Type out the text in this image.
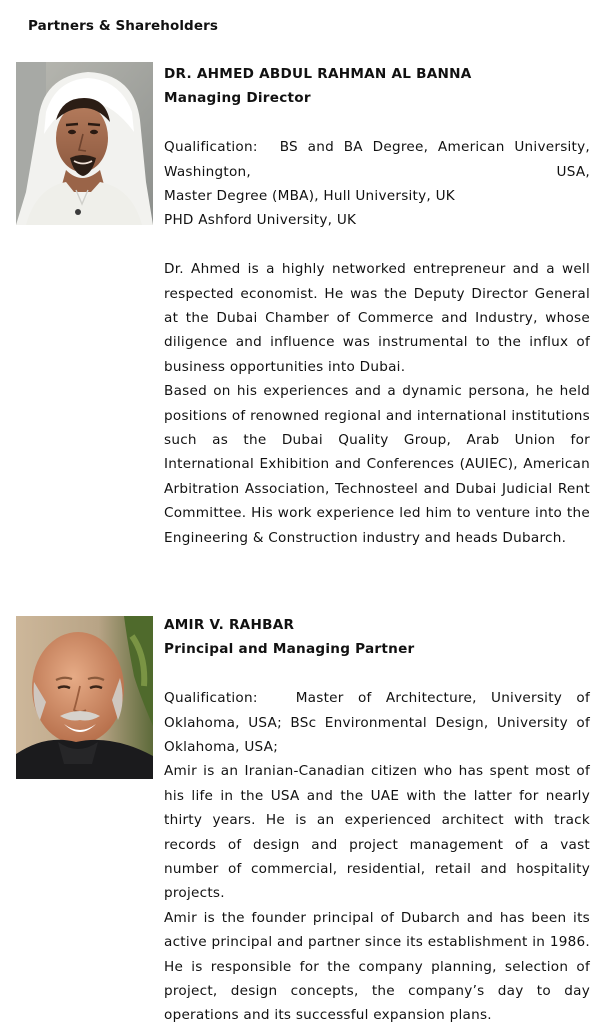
Partners & Shareholders
DR. AHMED ABDUL RAHMAN AL BANNA
Managing Director
Qualification: BS and BA Degree, American University, Washington, USA,
Master Degree (MBA), Hull University, UK
PHD Ashford University, UK

Dr. Ahmed is a highly networked entrepreneur and a well respected economist. He was the Deputy Director General at the Dubai Chamber of Commerce and Industry, whose diligence and influence was instrumental to the influx of business opportunities into Dubai.

Based on his experiences and a dynamic persona, he held positions of renowned regional and international institutions such as the Dubai Quality Group, Arab Union for International Exhibition and Conferences (AUIEC), American Arbitration Association, Technosteel and Dubai Judicial Rent Committee. His work experience led him to venture into the Engineering & Construction industry and heads Dubarch.

AMIR V. RAHBAR
Principal and Managing Partner

Qualification:	Master of Architecture, University of Oklahoma, USA; BSc Environmental Design, University of Oklahoma, USA;

Amir is an Iranian-Canadian citizen who has spent most of his life in the USA and the UAE with the latter for nearly thirty years. He is an experienced architect with track records of design and project management of a vast number of commercial, residential, retail and hospitality projects.

Amir is the founder principal of Dubarch and has been its active principal and partner since its establishment in 1986. He is responsible for the company planning, selection of project, design concepts, the company’s day to day operations and its successful expansion plans.
